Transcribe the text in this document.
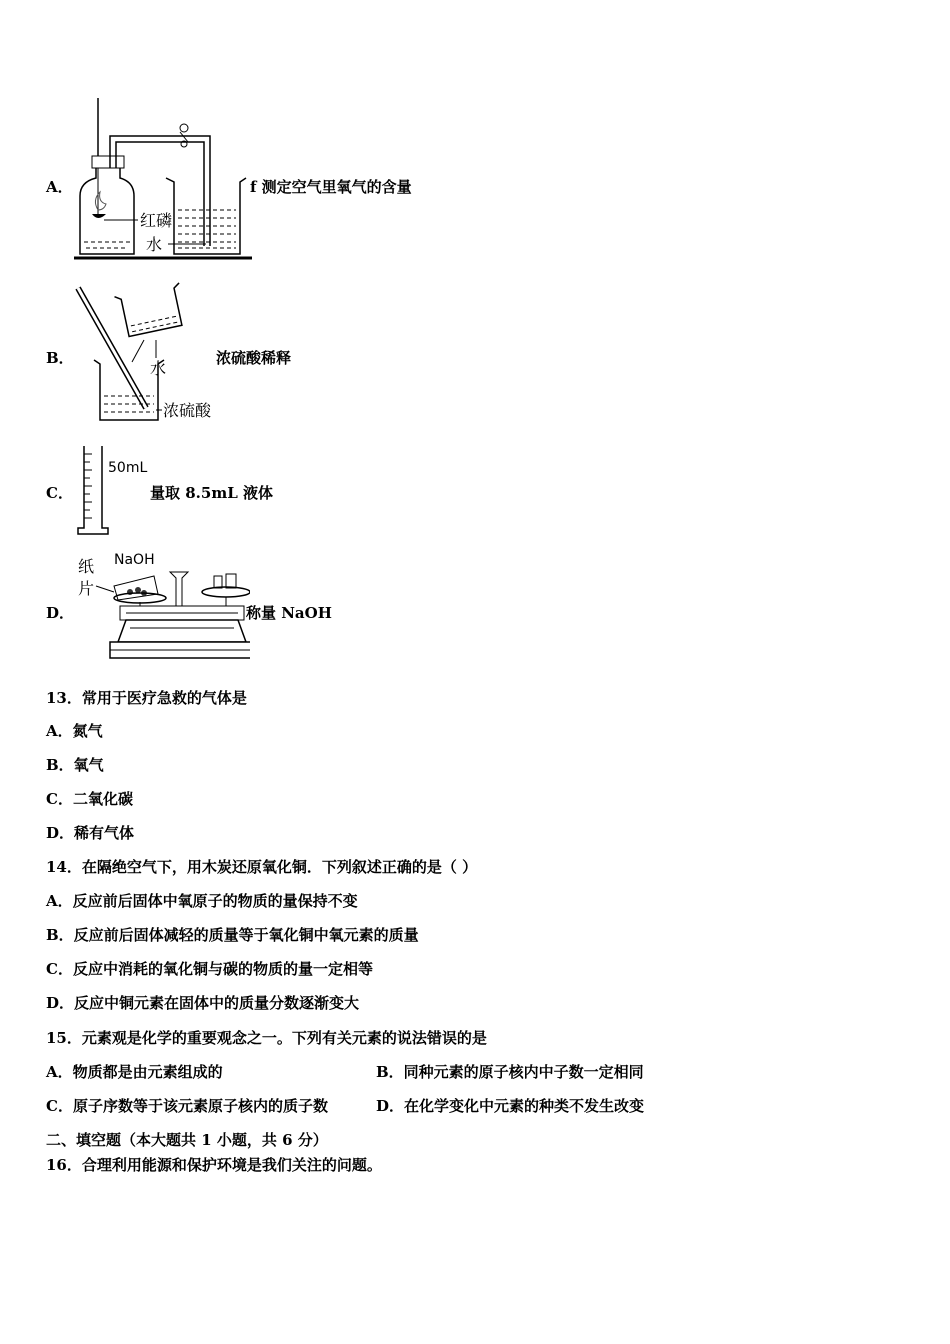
A．
红磷
水
f 测定空气里氧气的含量
B．
水
浓硫酸
浓硫酸稀释
C．
50mL
量取 8.5mL 液体
D．
NaOH
纸
片
称量 NaOH
13．常用于医疗急救的气体是
A．氮气
B．氧气
C．二氧化碳
D．稀有气体
14．在隔绝空气下，用木炭还原氧化铜．下列叙述正确的是（ ）
A．反应前后固体中氧原子的物质的量保持不变
B．反应前后固体减轻的质量等于氧化铜中氧元素的质量
C．反应中消耗的氧化铜与碳的物质的量一定相等
D．反应中铜元素在固体中的质量分数逐渐变大
15．元素观是化学的重要观念之一。下列有关元素的说法错误的是
A．物质都是由元素组成的	B．同种元素的原子核内中子数一定相同
C．原子序数等于该元素原子核内的质子数	D．在化学变化中元素的种类不发生改变
二、填空题（本大题共 1 小题，共 6 分）
16．合理利用能源和保护环境是我们关注的问题。
